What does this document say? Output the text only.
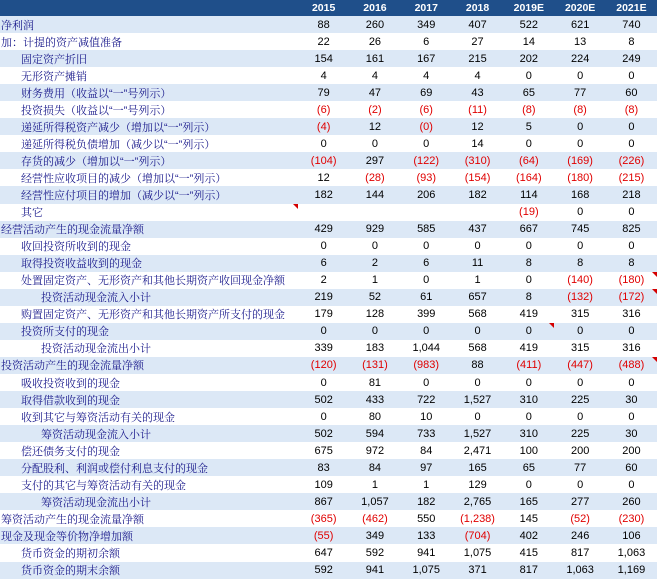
	2015	2016	2017	2018	2019E	2020E	2021E
净利润	88	260	349	407	522	621	740
加：计提的资产减值准备	22	26	6	27	14	13	8
固定资产折旧	154	161	167	215	202	224	249
无形资产摊销	4	4	4	4	0	0	0
财务费用（收益以“一”号列示）	79	47	69	43	65	77	60
投资损失（收益以“一”号列示）	(6)	(2)	(6)	(11)	(8)	(8)	(8)
递延所得税资产减少（增加以“一”列示）	(4)	12	(0)	12	5	0	0
递延所得税负债增加（减少以“一”列示）	0	0	0	14	0	0	0
存货的减少（增加以“一”列示）	(104)	297	(122)	(310)	(64)	(169)	(226)
经营性应收项目的减少（增加以“一”列示）	12	(28)	(93)	(154)	(164)	(180)	(215)
经营性应付项目的增加（减少以“一”列示）	182	144	206	182	114	168	218
其它					(19)	0	0
经营活动产生的现金流量净额	429	929	585	437	667	745	825
收回投资所收到的现金	0	0	0	0	0	0	0
取得投资收益收到的现金	6	2	6	11	8	8	8
处置固定资产、无形资产和其他长期资产收回现金净额	2	1	0	1	0	(140)	(180)
投资活动现金流入小计	219	52	61	657	8	(132)	(172)
购置固定资产、无形资产和其他长期资产所支付的现金	179	128	399	568	419	315	316
投资所支付的现金	0	0	0	0	0	0	0
投资活动现金流出小计	339	183	1,044	568	419	315	316
投资活动产生的现金流量净额	(120)	(131)	(983)	88	(411)	(447)	(488)
吸收投资收到的现金	0	81	0	0	0	0	0
取得借款收到的现金	502	433	722	1,527	310	225	30
收到其它与筹资活动有关的现金	0	80	10	0	0	0	0
筹资活动现金流入小计	502	594	733	1,527	310	225	30
偿还债务支付的现金	675	972	84	2,471	100	200	200
分配股利、利润或偿付利息支付的现金	83	84	97	165	65	77	60
支付的其它与筹资活动有关的现金	109	1	1	129	0	0	0
筹资活动现金流出小计	867	1,057	182	2,765	165	277	260
筹资活动产生的现金流量净额	(365)	(462)	550	(1,238)	145	(52)	(230)
现金及现金等价物净增加额	(55)	349	133	(704)	402	246	106
货币资金的期初余额	647	592	941	1,075	415	817	1,063
货币资金的期末余额	592	941	1,075	371	817	1,063	1,169
